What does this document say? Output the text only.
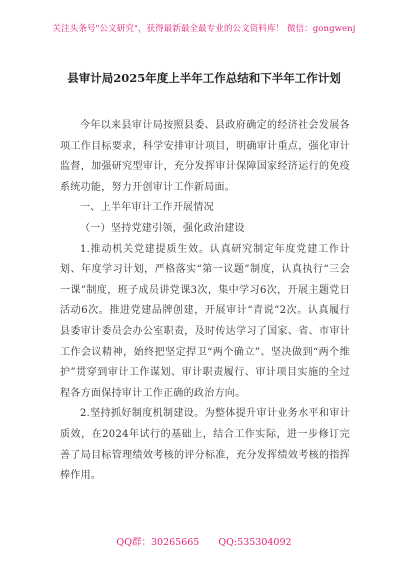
关注头条号"公文研究"，获得最新最全最专业的公文资料库！ 微信：gongwenj
县审计局2025年度上半年工作总结和下半年工作计划

今年以来县审计局按照县委、县政府确定的经济社会发展各项工作目标要求，科学安排审计项目，明确审计重点，强化审计监督，加强研究型审计，充分发挥审计保障国家经济运行的免疫系统功能，努力开创审计工作新局面。

一、上半年审计工作开展情况

（一）坚持党建引领，强化政治建设

1.推动机关党建提质生效。认真研究制定年度党建工作计划、年度学习计划，严格落实“第一议题”制度，认真执行“三会一课”制度，班子成员讲党课3次，集中学习6次，开展主题党日活动6次。推进党建品牌创建，开展审计“青说”2次。认真履行县委审计委员会办公室职责，及时传达学习了国家、省、市审计工作会议精神，始终把坚定捍卫“两个确立”、坚决做到“两个维护”贯穿到审计工作谋划、审计职责履行、审计项目实施的全过程各方面保持审计工作正确的政治方向。

2.坚持抓好制度机制建设。为整体提升审计业务水平和审计质效，在2024年试行的基础上，结合工作实际，进一步修订完善了局目标管理绩效考核的评分标准，充分发挥绩效考核的指挥棒作用。

QQ群：30265665 QQ:535304092
